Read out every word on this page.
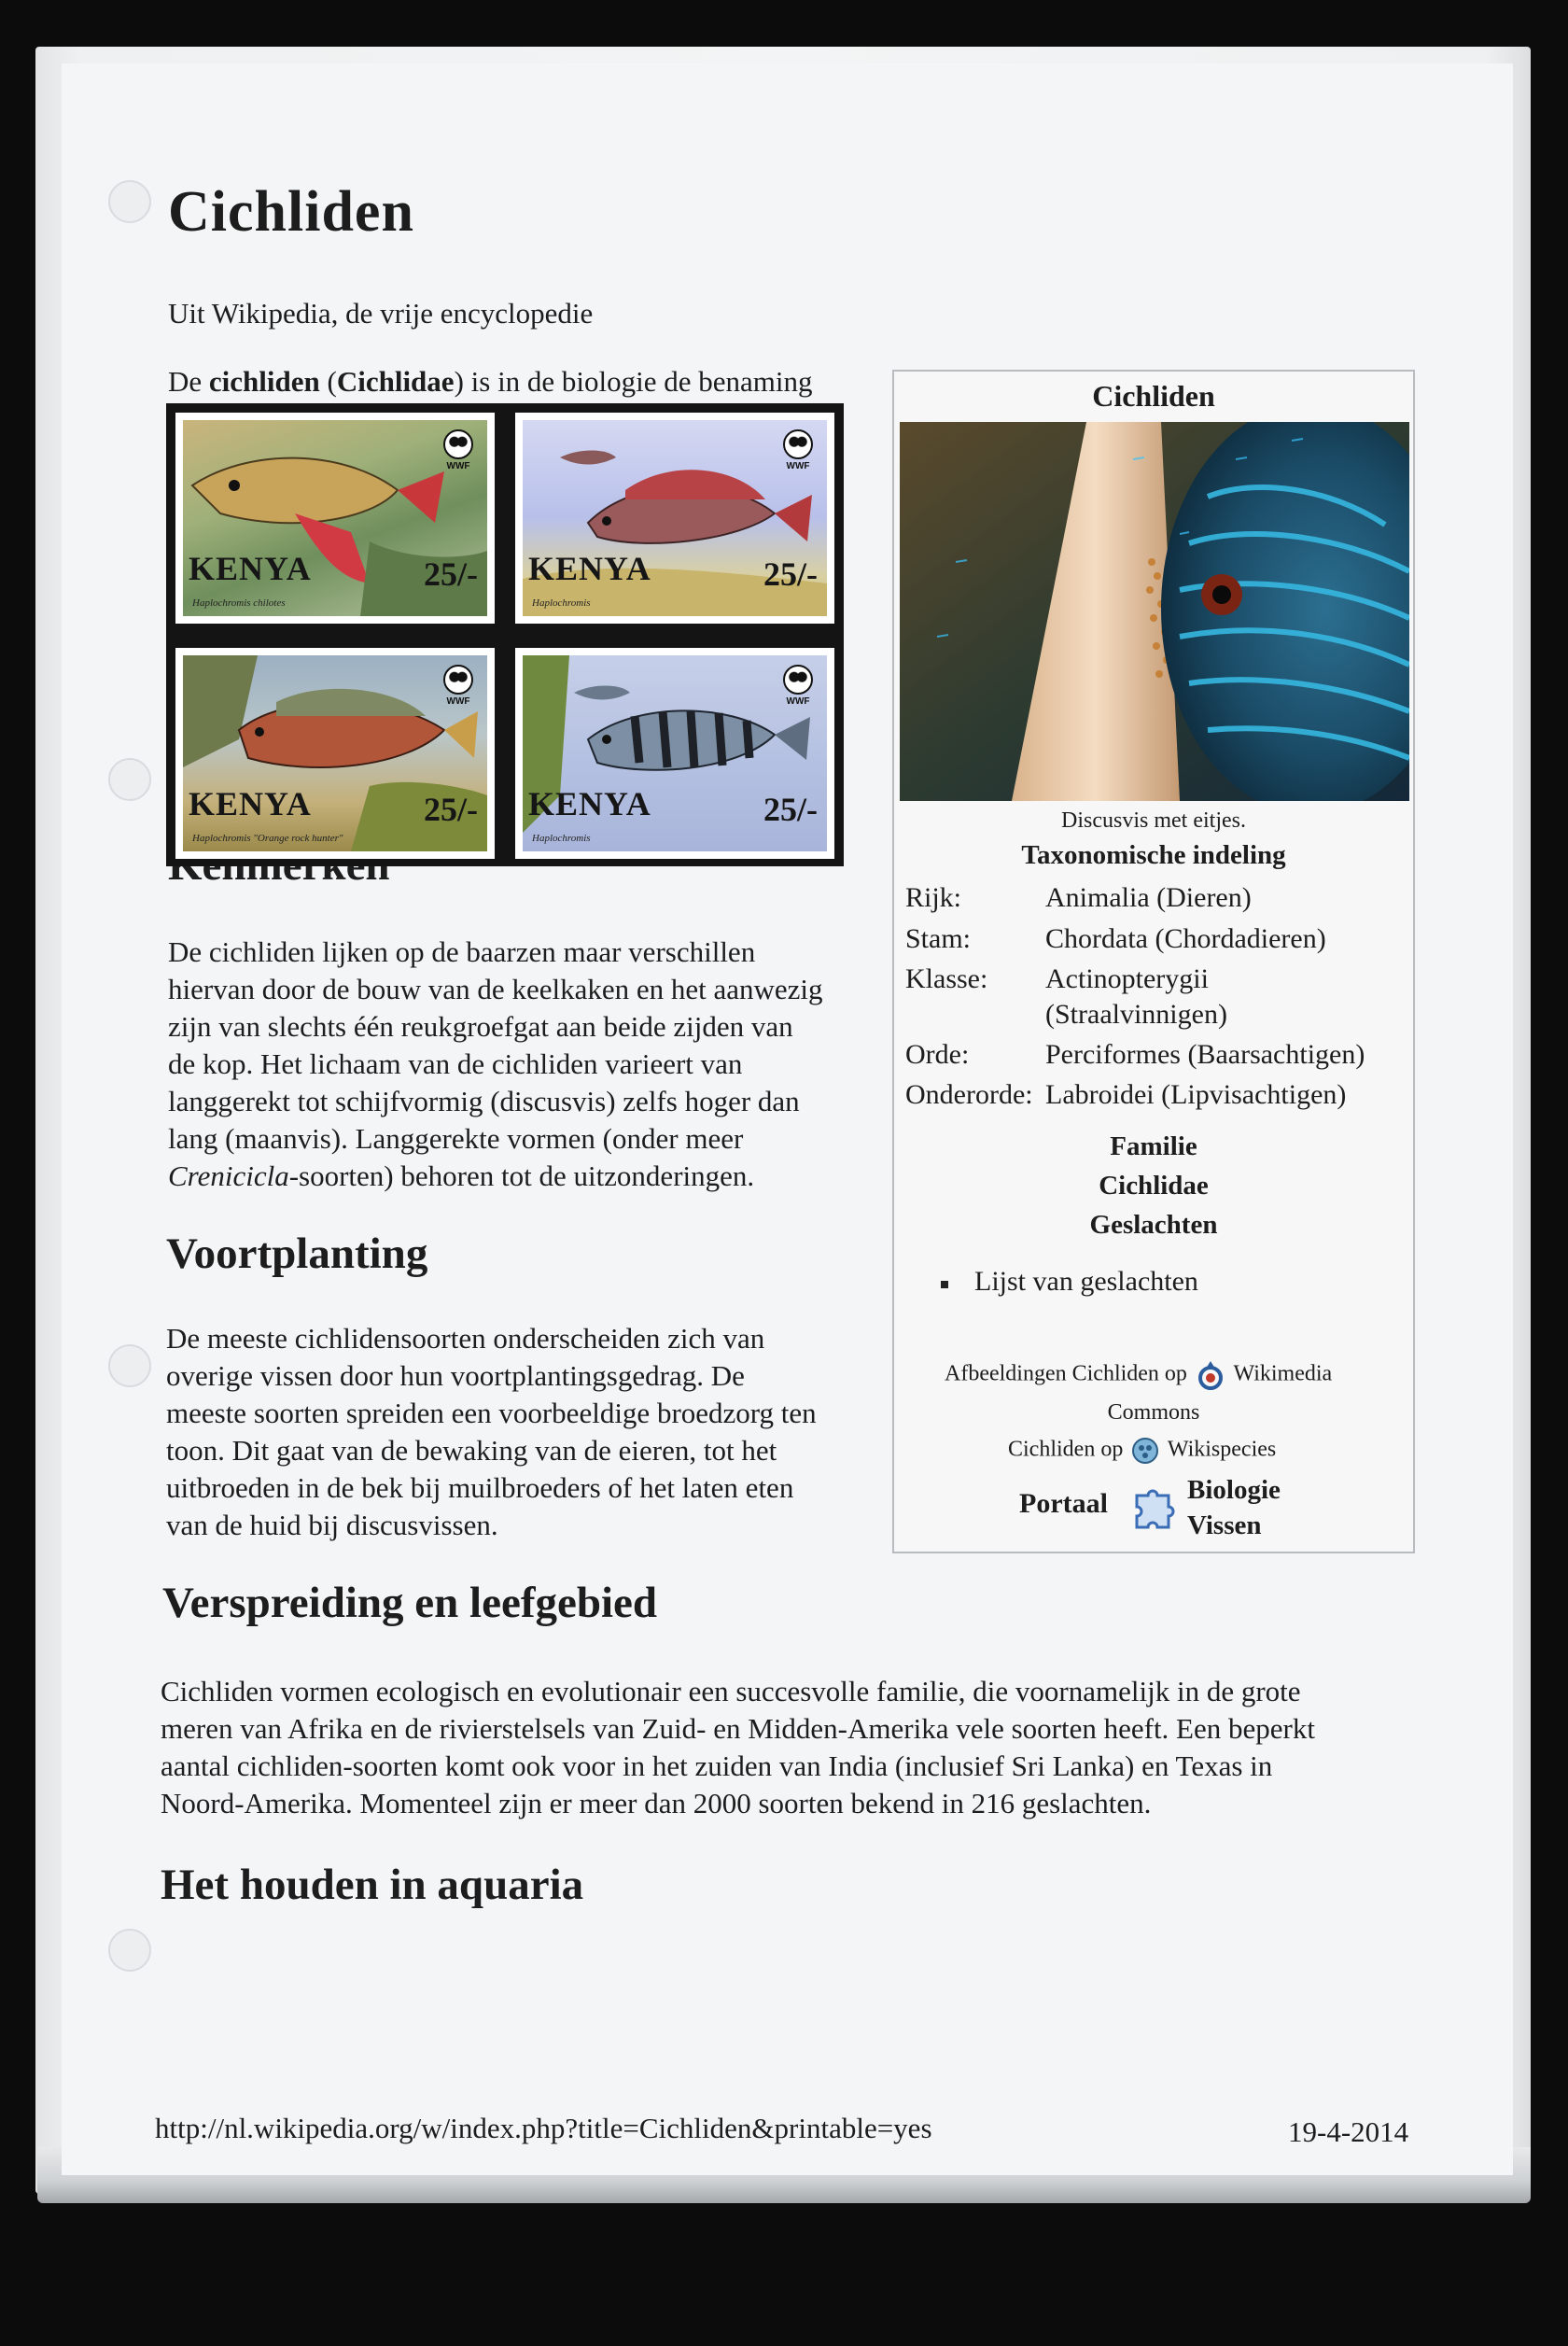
Cichliden
Uit Wikipedia, de vrije encyclopedie
De cichliden (Cichlidae) is in de biologie de benaming
WWF
KENYA	25/-
Haplochromis chilotes
WWF
KENYA	25/-
Haplochromis
WWF
KENYA	25/-
Haplochromis "Orange rock hunter"
WWF
KENYA	25/-
Haplochromis
De cichliden lijken op de baarzen maar verschillen
hiervan door de bouw van de keelkaken en het aanwezig
zijn van slechts één reukgroefgat aan beide zijden van
de kop. Het lichaam van de cichliden varieert van
langgerekt tot schijfvormig (discusvis) zelfs hoger dan
lang (maanvis). Langgerekte vormen (onder meer
Crenicicla-soorten) behoren tot de uitzonderingen.
Voortplanting
De meeste cichlidensoorten onderscheiden zich van
overige vissen door hun voortplantingsgedrag. De
meeste soorten spreiden een voorbeeldige broedzorg ten
toon. Dit gaat van de bewaking van de eieren, tot het
uitbroeden in de bek bij muilbroeders of het laten eten
van de huid bij discusvissen.
Verspreiding en leefgebied
Cichliden vormen ecologisch en evolutionair een succesvolle familie, die voornamelijk in de grote
meren van Afrika en de rivierstelsels van Zuid- en Midden-Amerika vele soorten heeft. Een beperkt
aantal cichliden-soorten komt ook voor in het zuiden van India (inclusief Sri Lanka) en Texas in
Noord-Amerika. Momenteel zijn er meer dan 2000 soorten bekend in 216 geslachten.
Het houden in aquaria
Cichliden
Discusvis met eitjes.
Taxonomische indeling
Rijk:	Animalia (Dieren)
Stam:	Chordata (Chordadieren)
Klasse: Actinopterygii
(Straalvinnigen)
Orde:	Perciformes (Baarsachtigen)
Onderorde: Labroidei (Lipvisachtigen)
Familie
Cichlidae
Geslachten
Lijst van geslachten
Afbeeldingen Cichliden op Wikimedia
Commons
Cichliden op Wikispecies
Portaal	Biologie
Vissen
http://nl.wikipedia.org/w/index.php?title=Cichliden&printable=yes	19-4-2014
